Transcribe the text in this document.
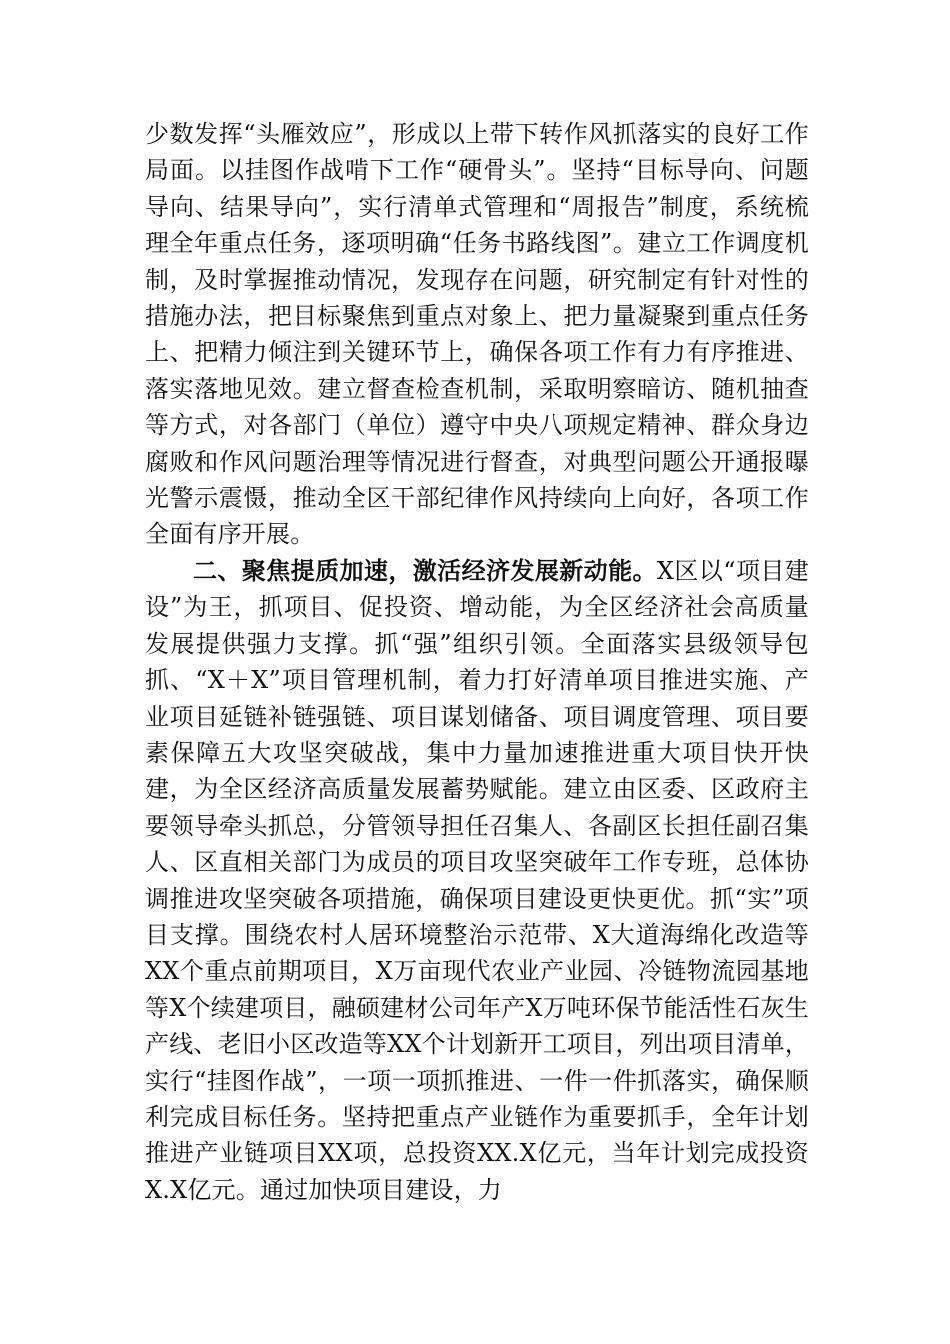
少数发挥“头雁效应”，形成以上带下转作风抓落实的良好工作局面。以挂图作战啃下工作“硬骨头”。坚持“目标导向、问题导向、结果导向”，实行清单式管理和“周报告”制度，系统梳理全年重点任务，逐项明确“任务书路线图”。建立工作调度机制，及时掌握推动情况，发现存在问题，研究制定有针对性的措施办法，把目标聚焦到重点对象上、把力量凝聚到重点任务上、把精力倾注到关键环节上，确保各项工作有力有序推进、落实落地见效。建立督查检查机制，采取明察暗访、随机抽查等方式，对各部门（单位）遵守中央八项规定精神、群众身边腐败和作风问题治理等情况进行督查，对典型问题公开通报曝光警示震慑，推动全区干部纪律作风持续向上向好，各项工作全面有序开展。

二、聚焦提质加速，激活经济发展新动能。X区以“项目建设”为王，抓项目、促投资、增动能，为全区经济社会高质量发展提供强力支撑。抓“强”组织引领。全面落实县级领导包抓、“X＋X”项目管理机制，着力打好清单项目推进实施、产业项目延链补链强链、项目谋划储备、项目调度管理、项目要素保障五大攻坚突破战，集中力量加速推进重大项目快开快建，为全区经济高质量发展蓄势赋能。建立由区委、区政府主要领导牵头抓总，分管领导担任召集人、各副区长担任副召集人、区直相关部门为成员的项目攻坚突破年工作专班，总体协调推进攻坚突破各项措施，确保项目建设更快更优。抓“实”项目支撑。围绕农村人居环境整治示范带、X大道海绵化改造等XX个重点前期项目，X万亩现代农业产业园、冷链物流园基地等X个续建项目，融硕建材公司年产X万吨环保节能活性石灰生产线、老旧小区改造等XX个计划新开工项目，列出项目清单，实行“挂图作战”，一项一项抓推进、一件一件抓落实，确保顺利完成目标任务。坚持把重点产业链作为重要抓手，全年计划推进产业链项目XX项，总投资XX.X亿元，当年计划完成投资X.X亿元。通过加快项目建设，力
